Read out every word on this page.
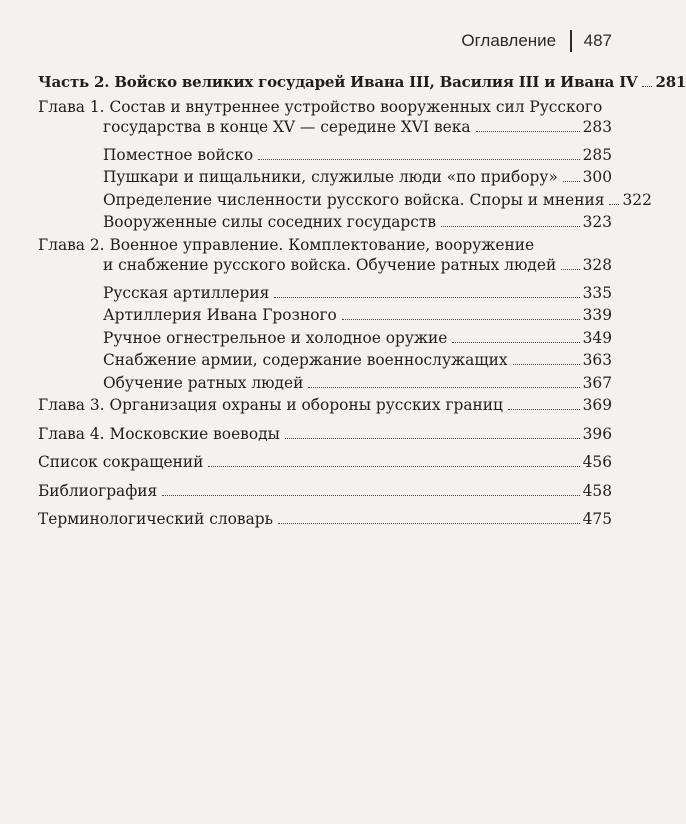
Оглавление 487
Часть 2. Войско великих государей Ивана III, Василия III и Ивана IV 281
Глава 1. Состав и внутреннее устройство вооруженных сил Русского
государства в конце XV — середине XVI века	283
Поместное войско	285
Пушкари и пищальники, служилые люди «по прибору» 300
Определение численности русского войска. Споры и мнения 322
Вооруженные силы соседних государств	323
Глава 2. Военное управление. Комплектование, вооружение
и снабжение русского войска. Обучение ратных людей 328
Русская артиллерия	335
Артиллерия Ивана Грозного	339
Ручное огнестрельное и холодное оружие	349
Снабжение армии, содержание военнослужащих	363
Обучение ратных людей	367
Глава 3. Организация охраны и обороны русских границ	369
Глава 4. Московские воеводы	396
Список сокращений	456
Библиография	458
Терминологический словарь	475
